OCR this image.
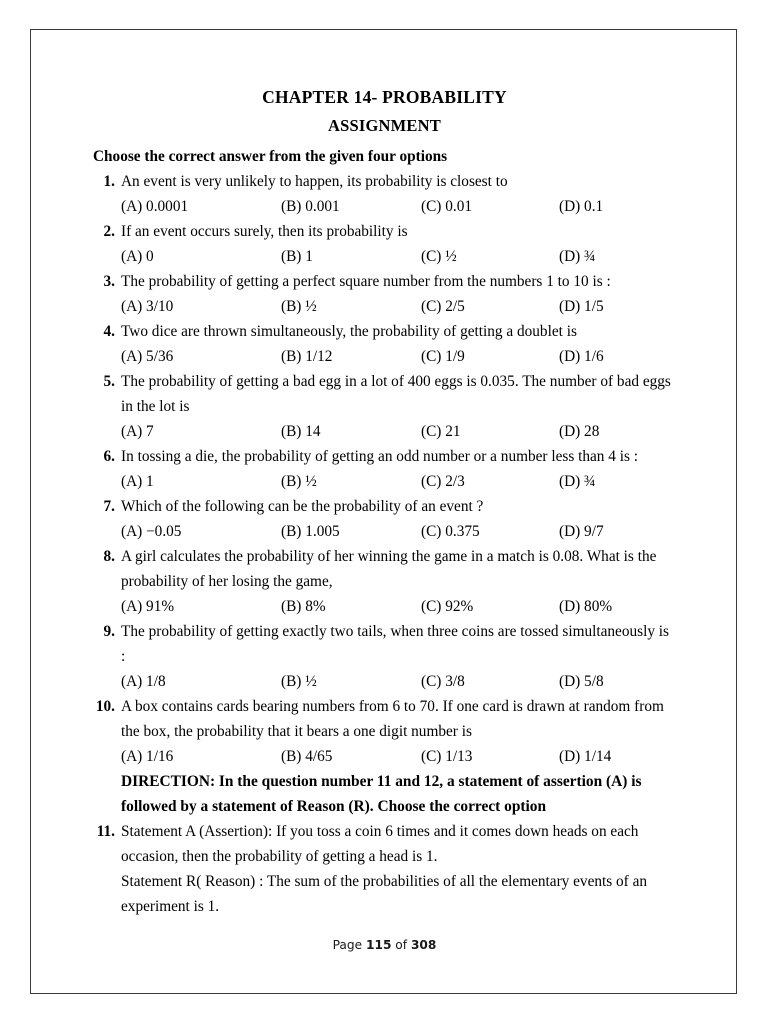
CHAPTER 14- PROBABILITY
ASSIGNMENT
Choose the correct answer from the given four options
1. An event is very unlikely to happen, its probability is closest to
(A) 0.0001	(B) 0.001	(C) 0.01	(D) 0.1
2. If an event occurs surely, then its probability is
(A) 0	(B) 1	(C) ½	(D) ¾
3. The probability of getting a perfect square number from the numbers 1 to 10 is :
(A) 3/10	(B) ½	(C) 2/5	(D) 1/5
4. Two dice are thrown simultaneously, the probability of getting a doublet is
(A) 5/36	(B) 1/12	(C) 1/9	(D) 1/6
5. The probability of getting a bad egg in a lot of 400 eggs is 0.035. The number of bad eggs in the lot is
(A) 7	(B) 14	(C) 21	(D) 28
6. In tossing a die, the probability of getting an odd number or a number less than 4 is :
(A) 1	(B) ½	(C) 2/3	(D) ¾
7. Which of the following can be the probability of an event ?
(A) −0.05	(B) 1.005	(C) 0.375	(D) 9/7
8. A girl calculates the probability of her winning the game in a match is 0.08. What is the probability of her losing the game,
(A) 91%	(B) 8%	(C) 92%	(D) 80%
9. The probability of getting exactly two tails, when three coins are tossed simultaneously is :
(A) 1/8	(B) ½	(C) 3/8	(D) 5/8
10. A box contains cards bearing numbers from 6 to 70. If one card is drawn at random from the box, the probability that it bears a one digit number is
(A) 1/16	(B) 4/65	(C) 1/13	(D) 1/14
DIRECTION: In the question number 11 and 12, a statement of assertion (A) is followed by a statement of Reason (R). Choose the correct option
11. Statement A (Assertion): If you toss a coin 6 times and it comes down heads on each occasion, then the probability of getting a head is 1.
Statement R( Reason) : The sum of the probabilities of all the elementary events of an experiment is 1.
Page 115 of 308
